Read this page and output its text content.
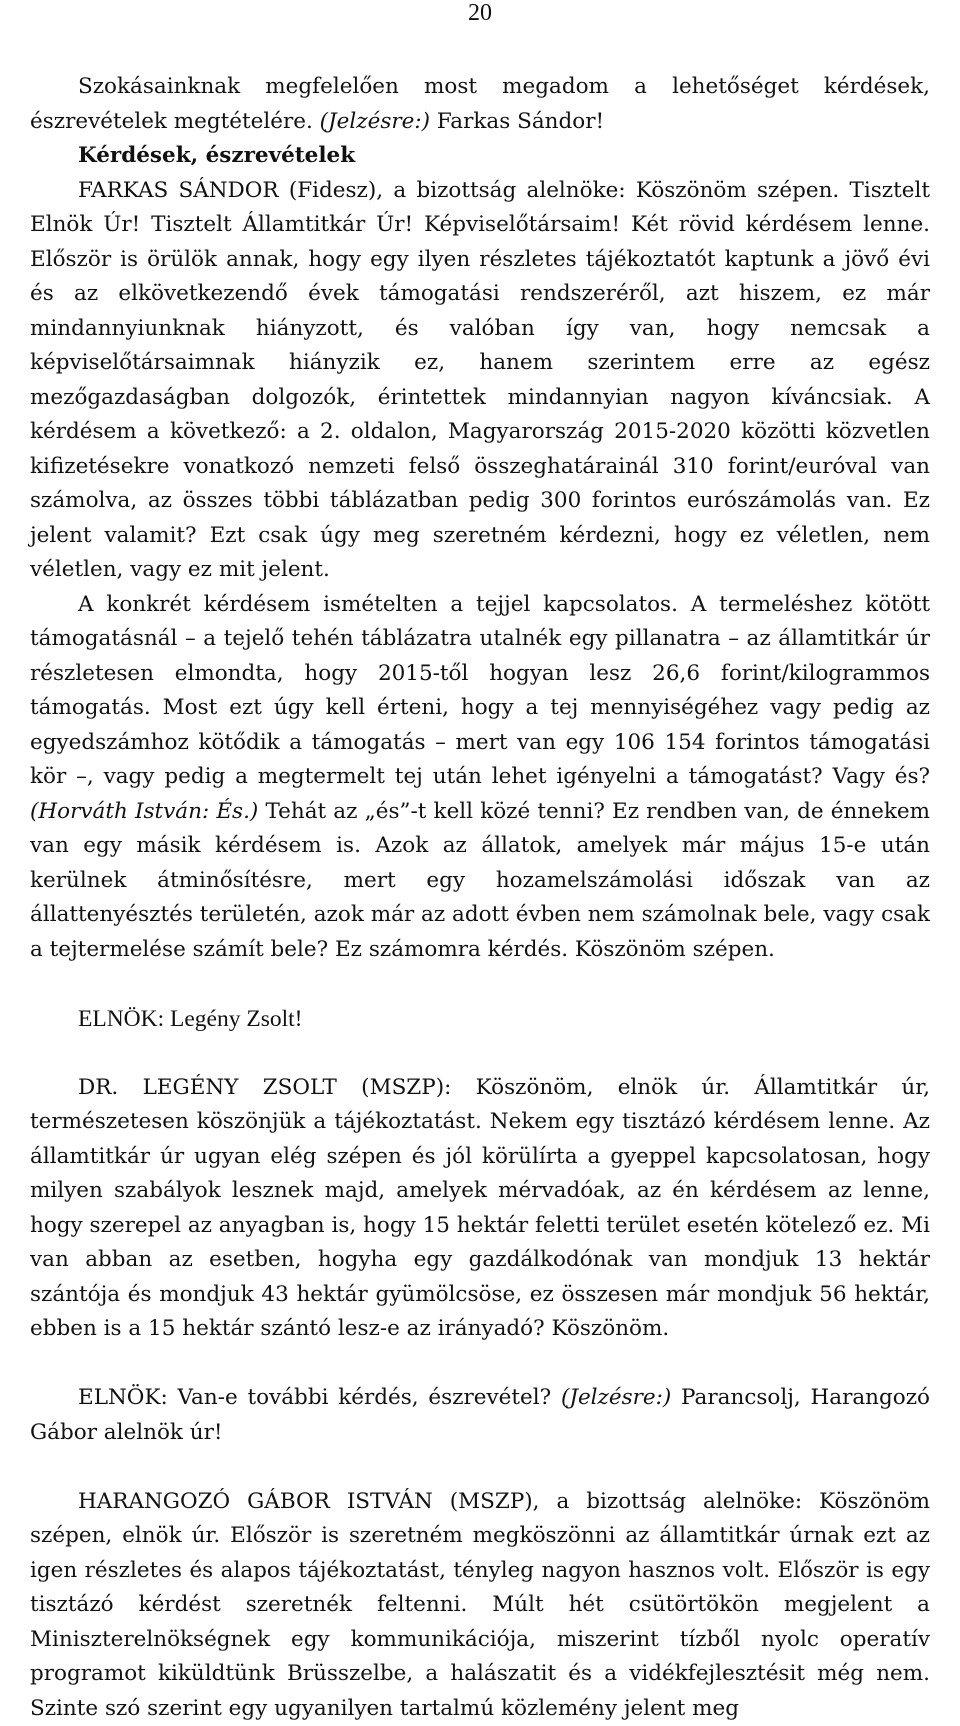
20

Szokásainknak megfelelően most megadom a lehetőséget kérdések, észrevételek megtételére. (Jelzésre:) Farkas Sándor!

Kérdések, észrevételek

FARKAS SÁNDOR (Fidesz), a bizottság alelnöke: Köszönöm szépen. Tisztelt Elnök Úr! Tisztelt Államtitkár Úr! Képviselőtársaim! Két rövid kérdésem lenne. Először is örülök annak, hogy egy ilyen részletes tájékoztatót kaptunk a jövő évi és az elkövetkezendő évek támogatási rendszeréről, azt hiszem, ez már mindannyiunknak hiányzott, és valóban így van, hogy nemcsak a képviselőtársaimnak hiányzik ez, hanem szerintem erre az egész mezőgazdaságban dolgozók, érintettek mindannyian nagyon kíváncsiak. A kérdésem a következő: a 2. oldalon, Magyarország 2015-2020 közötti közvetlen kifizetésekre vonatkozó nemzeti felső összeghatárainál 310 forint/euróval van számolva, az összes többi táblázatban pedig 300 forintos eurószámolás van. Ez jelent valamit? Ezt csak úgy meg szeretném kérdezni, hogy ez véletlen, nem véletlen, vagy ez mit jelent.

A konkrét kérdésem ismételten a tejjel kapcsolatos. A termeléshez kötött támogatásnál – a tejelő tehén táblázatra utalnék egy pillanatra – az államtitkár úr részletesen elmondta, hogy 2015-től hogyan lesz 26,6 forint/kilogrammos támogatás. Most ezt úgy kell érteni, hogy a tej mennyiségéhez vagy pedig az egyedszámhoz kötődik a támogatás – mert van egy 106 154 forintos támogatási kör –, vagy pedig a megtermelt tej után lehet igényelni a támogatást? Vagy és? (Horváth István: És.) Tehát az „és”-t kell közé tenni? Ez rendben van, de énnekem van egy másik kérdésem is. Azok az állatok, amelyek már május 15-e után kerülnek átminősítésre, mert egy hozamelszámolási időszak van az állattenyésztés területén, azok már az adott évben nem számolnak bele, vagy csak a tejtermelése számít bele? Ez számomra kérdés. Köszönöm szépen.

ELNÖK: Legény Zsolt!

DR. LEGÉNY ZSOLT (MSZP): Köszönöm, elnök úr. Államtitkár úr, természetesen köszönjük a tájékoztatást. Nekem egy tisztázó kérdésem lenne. Az államtitkár úr ugyan elég szépen és jól körülírta a gyeppel kapcsolatosan, hogy milyen szabályok lesznek majd, amelyek mérvadóak, az én kérdésem az lenne, hogy szerepel az anyagban is, hogy 15 hektár feletti terület esetén kötelező ez. Mi van abban az esetben, hogyha egy gazdálkodónak van mondjuk 13 hektár szántója és mondjuk 43 hektár gyümölcsöse, ez összesen már mondjuk 56 hektár, ebben is a 15 hektár szántó lesz-e az irányadó? Köszönöm.

ELNÖK: Van-e további kérdés, észrevétel? (Jelzésre:) Parancsolj, Harangozó Gábor alelnök úr!

HARANGOZÓ GÁBOR ISTVÁN (MSZP), a bizottság alelnöke: Köszönöm szépen, elnök úr. Először is szeretném megköszönni az államtitkár úrnak ezt az igen részletes és alapos tájékoztatást, tényleg nagyon hasznos volt. Először is egy tisztázó kérdést szeretnék feltenni. Múlt hét csütörtökön megjelent a Miniszterelnökségnek egy kommunikációja, miszerint tízből nyolc operatív programot kiküldtünk Brüsszelbe, a halászatit és a vidékfejlesztésit még nem. Szinte szó szerint egy ugyanilyen tartalmú közlemény jelent meg
